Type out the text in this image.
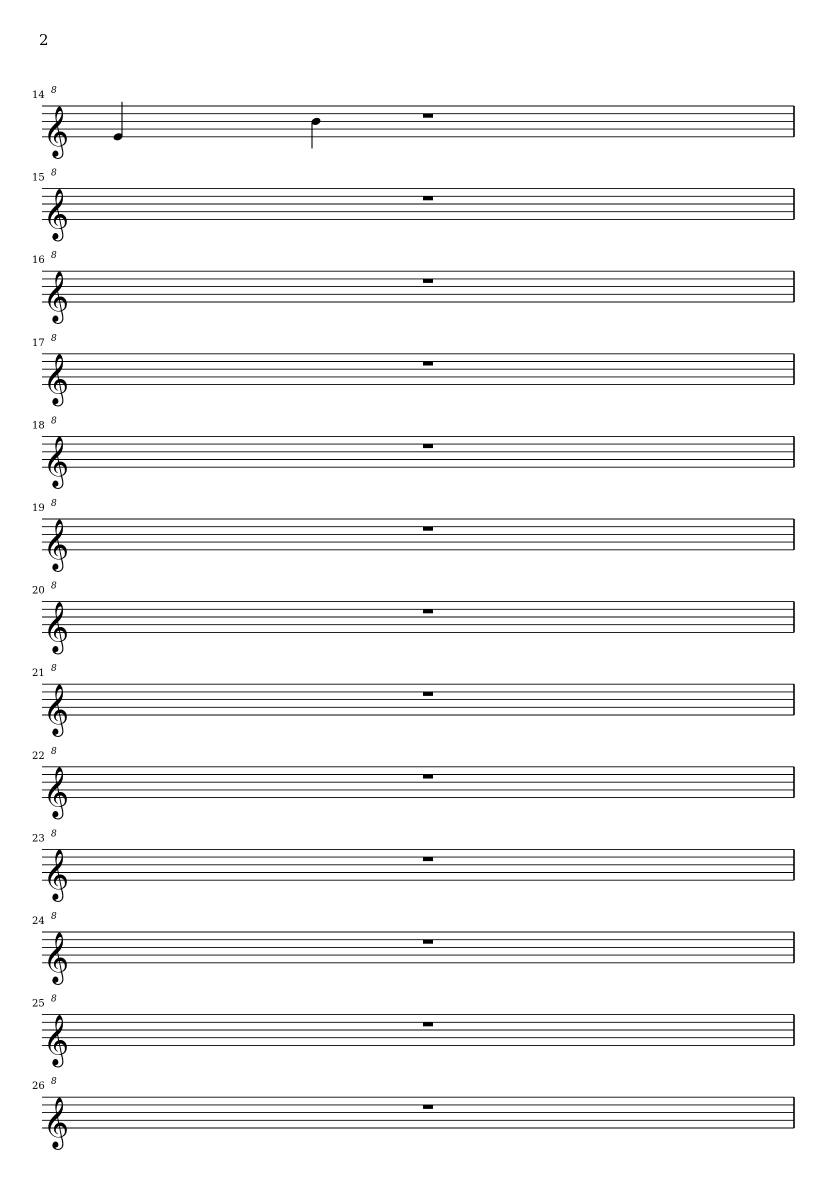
2
14 8
𝄞
15 8
𝄞
16 8
𝄞
17 8
𝄞
18 8
𝄞
19 8
𝄞
20 8
𝄞
21 8
𝄞
22 8
𝄞
23 8
𝄞
24 8
𝄞
25 8
𝄞
26 8
𝄞
